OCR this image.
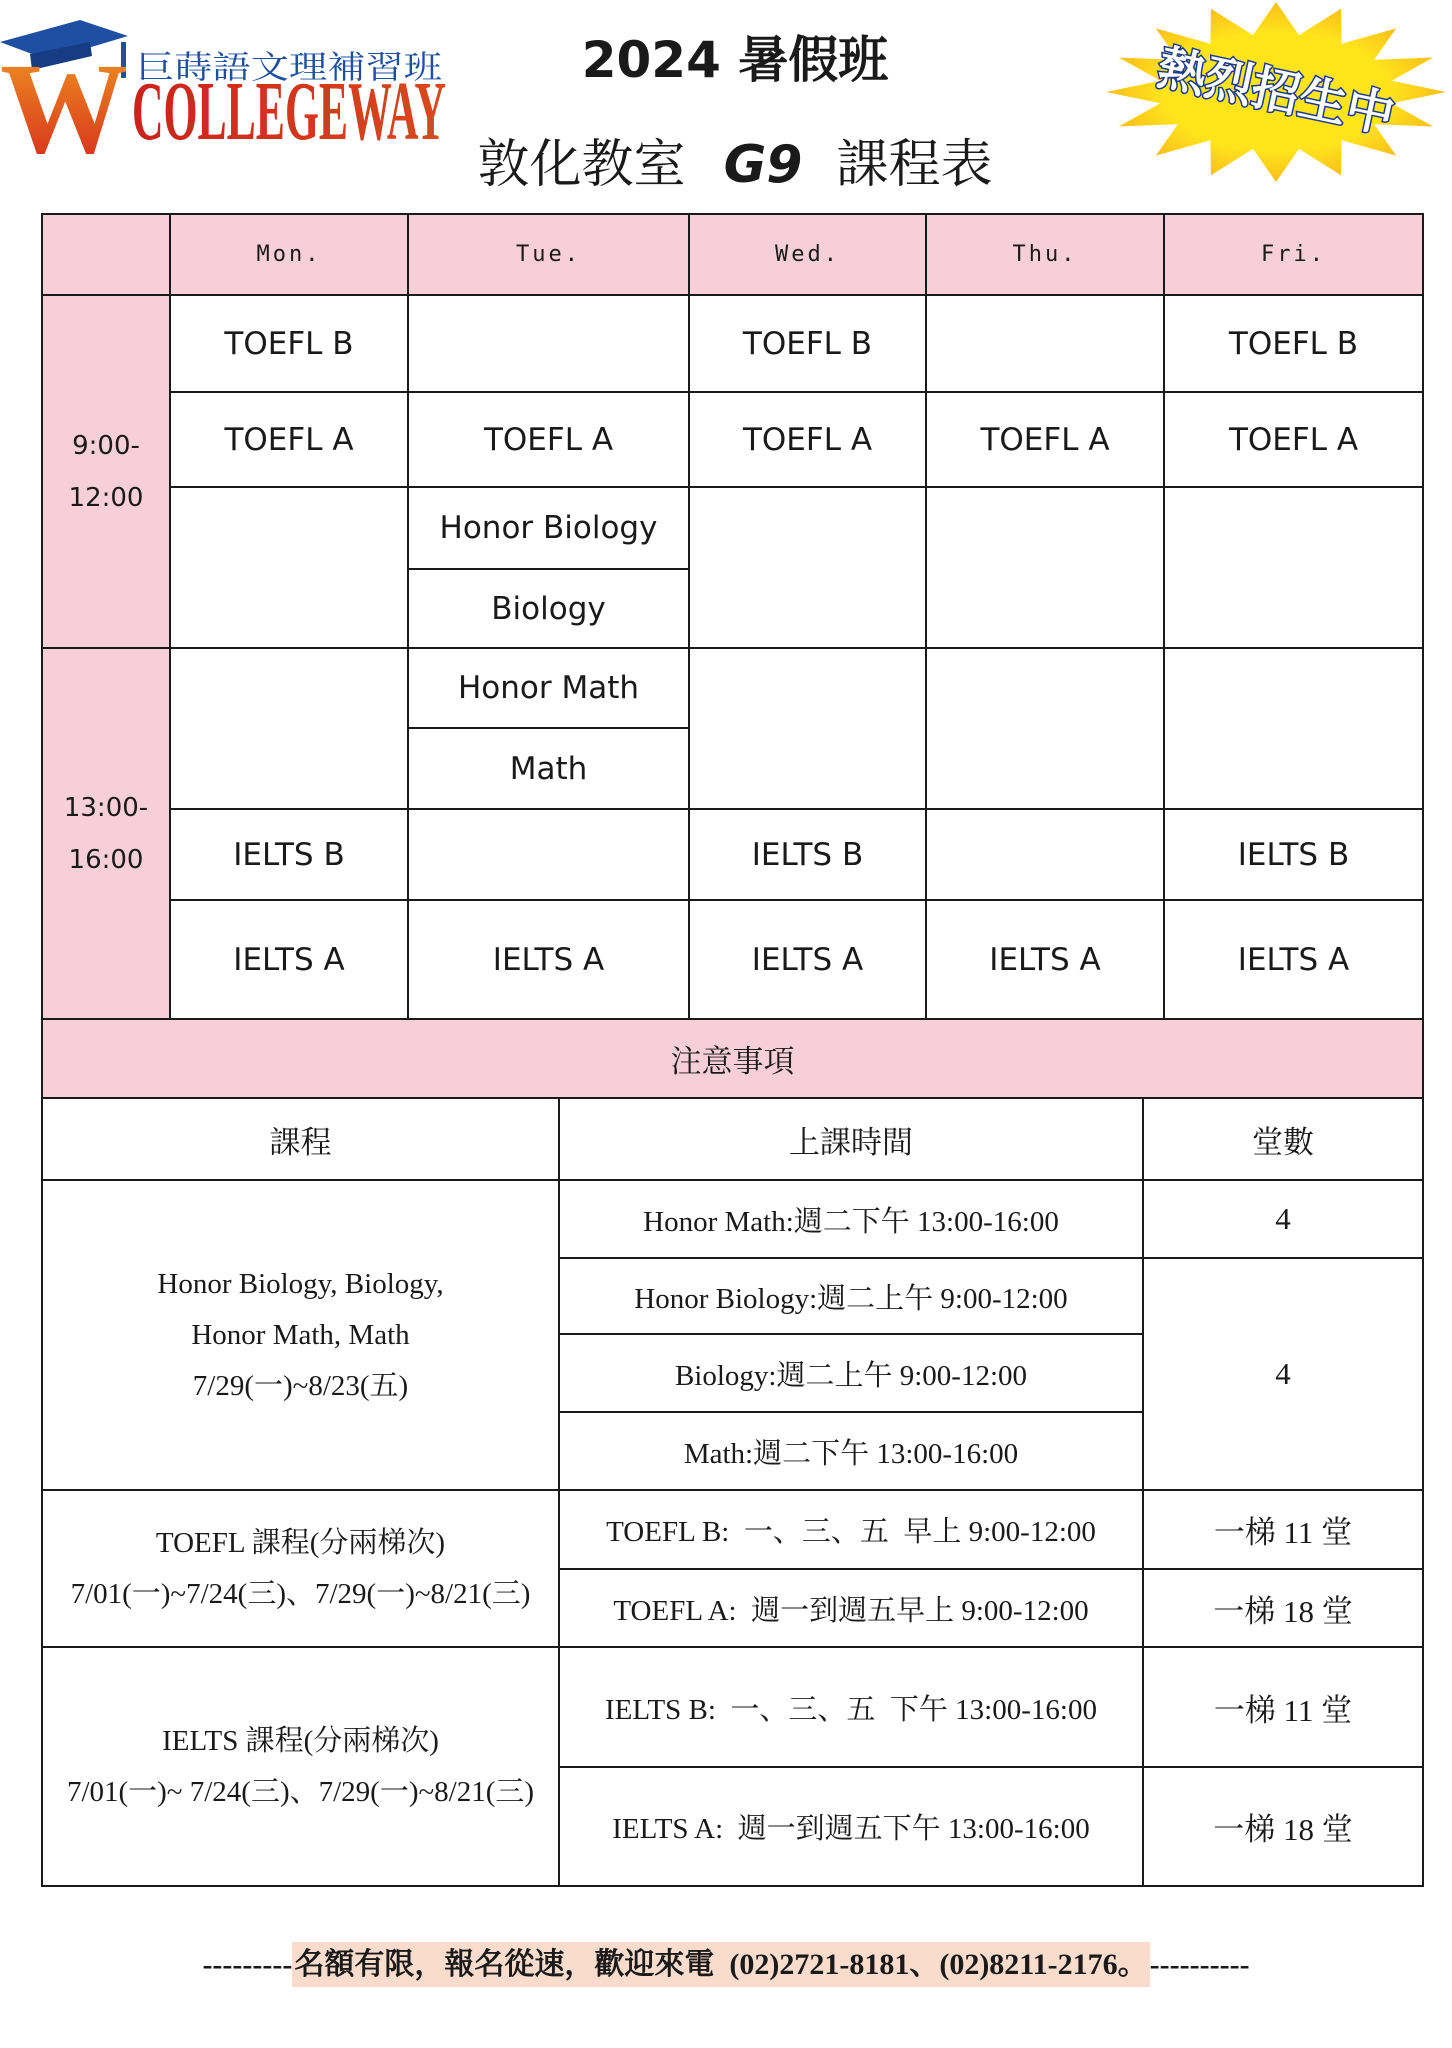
W 巨蒔語文理補習班
COLLEGEWAY
2024 暑假班
敦化教室 G9 課程表
熱烈招生中
	Mon.	Tue.	Wed.	Thu.	Fri.

9:00-
12:00	TOEFL B		TOEFL B		TOEFL B
	TOEFL A	TOEFL A	TOEFL A	TOEFL A	TOEFL A
		Honor Biology			
		Biology			

13:00-
16:00		Honor Math			
		Math			
	IELTS B		IELTS B		IELTS B
	IELTS A	IELTS A	IELTS A	IELTS A	IELTS A
注意事項		
課程	上課時間	堂數

Honor Biology, Biology,
Honor Math, Math
7/29(一)~8/23(五)	Honor Math:週二下午 13:00-16:00	4
	Honor Biology:週二上午 9:00-12:00	4
	Biology:週二上午 9:00-12:00	
	Math:週二下午 13:00-16:00	

TOEFL 課程(分兩梯次)
7/01(一)~7/24(三)、7/29(一)~8/21(三)	TOEFL B:  一、三、五  早上 9:00-12:00	一梯 11 堂
	TOEFL A:  週一到週五早上 9:00-12:00	一梯 18 堂

IELTS 課程(分兩梯次)
7/01(一)~ 7/24(三)、7/29(一)~8/21(三)	IELTS B:  一、三、五  下午 13:00-16:00	一梯 11 堂
	IELTS A:  週一到週五下午 13:00-16:00	一梯 18 堂
---------名額有限，報名從速，歡迎來電  (02)2721-8181、(02)8211-2176。----------
